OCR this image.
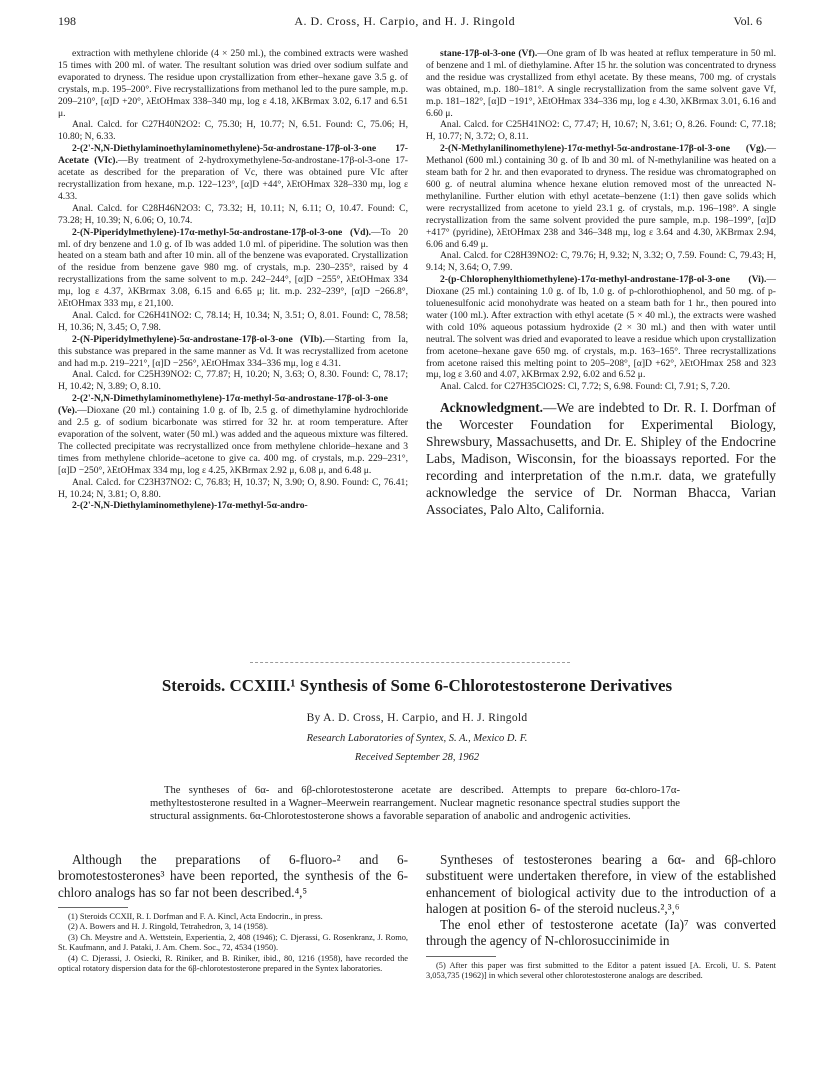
198	A. D. Cross, H. Carpio, and H. J. Ringold	Vol. 6

extraction with methylene chloride (4 × 250 ml.), the combined extracts were washed 15 times with 200 ml. of water. The resultant solution was dried over sodium sulfate and evaporated to dryness. The residue upon crystallization from ether–hexane gave 3.5 g. of crystals, m.p. 195–200°. Five recrystallizations from methanol led to the pure sample, m.p. 209–210°, [α]D +20°, λEtOHmax 338–340 mμ, log ε 4.18, λKBrmax 3.02, 6.17 and 6.51 μ.

Anal. Calcd. for C27H40N2O2: C, 75.30; H, 10.77; N, 6.51. Found: C, 75.06; H, 10.80; N, 6.33.

2-(2'-N,N-Diethylaminoethylaminomethylene)-5α-androstane-17β-ol-3-one 17-Acetate (VIc).—By treatment of 2-hydroxymethylene-5α-androstane-17β-ol-3-one 17-acetate as described for the preparation of Vc, there was obtained pure VIc after recrystallization from hexane, m.p. 122–123°, [α]D +44°, λEtOHmax 328–330 mμ, log ε 4.33.

Anal. Calcd. for C28H46N2O3: C, 73.32; H, 10.11; N, 6.11; O, 10.47. Found: C, 73.28; H, 10.39; N, 6.06; O, 10.74.

2-(N-Piperidylmethylene)-17α-methyl-5α-androstane-17β-ol-3-one (Vd).—To 20 ml. of dry benzene and 1.0 g. of Ib was added 1.0 ml. of piperidine. The solution was then heated on a steam bath and after 10 min. all of the benzene was evaporated. Crystallization of the residue from benzene gave 980 mg. of crystals, m.p. 230–235°, raised by 4 recrystallizations from the same solvent to m.p. 242–244°, [α]D −255°, λEtOHmax 334 mμ, log ε 4.37, λKBrmax 3.08, 6.15 and 6.65 μ; lit. m.p. 232–239°, [α]D −266.8°, λEtOHmax 333 mμ, ε 21,100.

Anal. Calcd. for C26H41NO2: C, 78.14; H, 10.34; N, 3.51; O, 8.01. Found: C, 78.58; H, 10.36; N, 3.45; O, 7.98.

2-(N-Piperidylmethylene)-5α-androstane-17β-ol-3-one (VIb).—Starting from Ia, this substance was prepared in the same manner as Vd. It was recrystallized from acetone and had m.p. 219–221°, [α]D −256°, λEtOHmax 334–336 mμ, log ε 4.31.

Anal. Calcd. for C25H39NO2: C, 77.87; H, 10.20; N, 3.63; O, 8.30. Found: C, 78.17; H, 10.42; N, 3.89; O, 8.10.

2-(2'-N,N-Dimethylaminomethylene)-17α-methyl-5α-androstane-17β-ol-3-one (Ve).—Dioxane (20 ml.) containing 1.0 g. of Ib, 2.5 g. of dimethylamine hydrochloride and 2.5 g. of sodium bicarbonate was stirred for 32 hr. at room temperature. After evaporation of the solvent, water (50 ml.) was added and the aqueous mixture was filtered. The collected precipitate was recrystallized once from methylene chloride–hexane and 3 times from methylene chloride–acetone to give ca. 400 mg. of crystals, m.p. 229–231°, [α]D −250°, λEtOHmax 334 mμ, log ε 4.25, λKBrmax 2.92 μ, 6.08 μ, and 6.48 μ.

Anal. Calcd. for C23H37NO2: C, 76.83; H, 10.37; N, 3.90; O, 8.90. Found: C, 76.41; H, 10.24; N, 3.81; O, 8.80.

2-(2'-N,N-Diethylaminomethylene)-17α-methyl-5α-andro-

stane-17β-ol-3-one (Vf).—One gram of Ib was heated at reflux temperature in 50 ml. of benzene and 1 ml. of diethylamine. After 15 hr. the solution was concentrated to dryness and the residue was crystallized from ethyl acetate. By these means, 700 mg. of crystals was obtained, m.p. 180–181°. A single recrystallization from the same solvent gave Vf, m.p. 181–182°, [α]D −191°, λEtOHmax 334–336 mμ, log ε 4.30, λKBrmax 3.01, 6.16 and 6.60 μ.

Anal. Calcd. for C25H41NO2: C, 77.47; H, 10.67; N, 3.61; O, 8.26. Found: C, 77.18; H, 10.77; N, 3.72; O, 8.11.

2-(N-Methylanilinomethylene)-17α-methyl-5α-androstane-17β-ol-3-one (Vg).—Methanol (600 ml.) containing 30 g. of Ib and 30 ml. of N-methylaniline was heated on a steam bath for 2 hr. and then evaporated to dryness. The residue was chromatographed on 600 g. of neutral alumina whence hexane elution removed most of the unreacted N-methylaniline. Further elution with ethyl acetate–benzene (1:1) then gave solids which were recrystallized from acetone to yield 23.1 g. of crystals, m.p. 196–198°. A single recrystallization from the same solvent provided the pure sample, m.p. 198–199°, [α]D +417° (pyridine), λEtOHmax 238 and 346–348 mμ, log ε 3.64 and 4.30, λKBrmax 2.94, 6.06 and 6.49 μ.

Anal. Calcd. for C28H39NO2: C, 79.76; H, 9.32; N, 3.32; O, 7.59. Found: C, 79.43; H, 9.14; N, 3.64; O, 7.99.

2-(p-Chlorophenylthiomethylene)-17α-methyl-androstane-17β-ol-3-one (Vi).—Dioxane (25 ml.) containing 1.0 g. of Ib, 1.0 g. of p-chlorothiophenol, and 50 mg. of p-toluenesulfonic acid monohydrate was heated on a steam bath for 1 hr., then poured into water (100 ml.). After extraction with ethyl acetate (5 × 40 ml.), the extracts were washed with cold 10% aqueous potassium hydroxide (2 × 30 ml.) and then with water until neutral. The solvent was dried and evaporated to leave a residue which upon crystallization from acetone–hexane gave 650 mg. of crystals, m.p. 163–165°. Three recrystallizations from acetone raised this melting point to 205–208°, [α]D +62°, λEtOHmax 258 and 323 mμ, log ε 3.60 and 4.07, λKBrmax 2.92, 6.02 and 6.52 μ.

Anal. Calcd. for C27H35ClO2S: Cl, 7.72; S, 6.98. Found: Cl, 7.91; S, 7.20.

Acknowledgment.—We are indebted to Dr. R. I. Dorfman of the Worcester Foundation for Experimental Biology, Shrewsbury, Massachusetts, and Dr. E. Shipley of the Endocrine Labs, Madison, Wisconsin, for the bioassays reported. For the recording and interpretation of the n.m.r. data, we gratefully acknowledge the service of Dr. Norman Bhacca, Varian Associates, Palo Alto, California.

Steroids. CCXIII.¹ Synthesis of Some 6-Chlorotestosterone Derivatives
By A. D. Cross, H. Carpio, and H. J. Ringold
Research Laboratories of Syntex, S. A., Mexico D. F.
Received September 28, 1962

The syntheses of 6α- and 6β-chlorotestosterone acetate are described. Attempts to prepare 6α-chloro-17α-methyltestosterone resulted in a Wagner–Meerwein rearrangement. Nuclear magnetic resonance spectral studies support the structural assignments. 6α-Chlorotestosterone shows a favorable separation of anabolic and androgenic activities.

Although the preparations of 6-fluoro-² and 6-bromotestosterones³ have been reported, the synthesis of the 6-chloro analogs has so far not been described.⁴,⁵

(1) Steroids CCXII, R. I. Dorfman and F. A. Kincl, Acta Endocrin., in press.
(2) A. Bowers and H. J. Ringold, Tetrahedron, 3, 14 (1958).
(3) Ch. Meystre and A. Wettstein, Experientia, 2, 408 (1946); C. Djerassi, G. Rosenkranz, J. Romo, St. Kaufmann, and J. Pataki, J. Am. Chem. Soc., 72, 4534 (1950).
(4) C. Djerassi, J. Osiecki, R. Riniker, and B. Riniker, ibid., 80, 1216 (1958), have recorded the optical rotatory dispersion data for the 6β-chlorotestosterone prepared in the Syntex laboratories.

Syntheses of testosterones bearing a 6α- and 6β-chloro substituent were undertaken therefore, in view of the established enhancement of biological activity due to the introduction of a halogen at position 6- of the steroid nucleus.²,³,⁶

The enol ether of testosterone acetate (Ia)⁷ was converted through the agency of N-chlorosuccinimide in

(5) After this paper was first submitted to the Editor a patent issued [A. Ercoli, U. S. Patent 3,053,735 (1962)] in which several other chlorotestosterone analogs are described.
